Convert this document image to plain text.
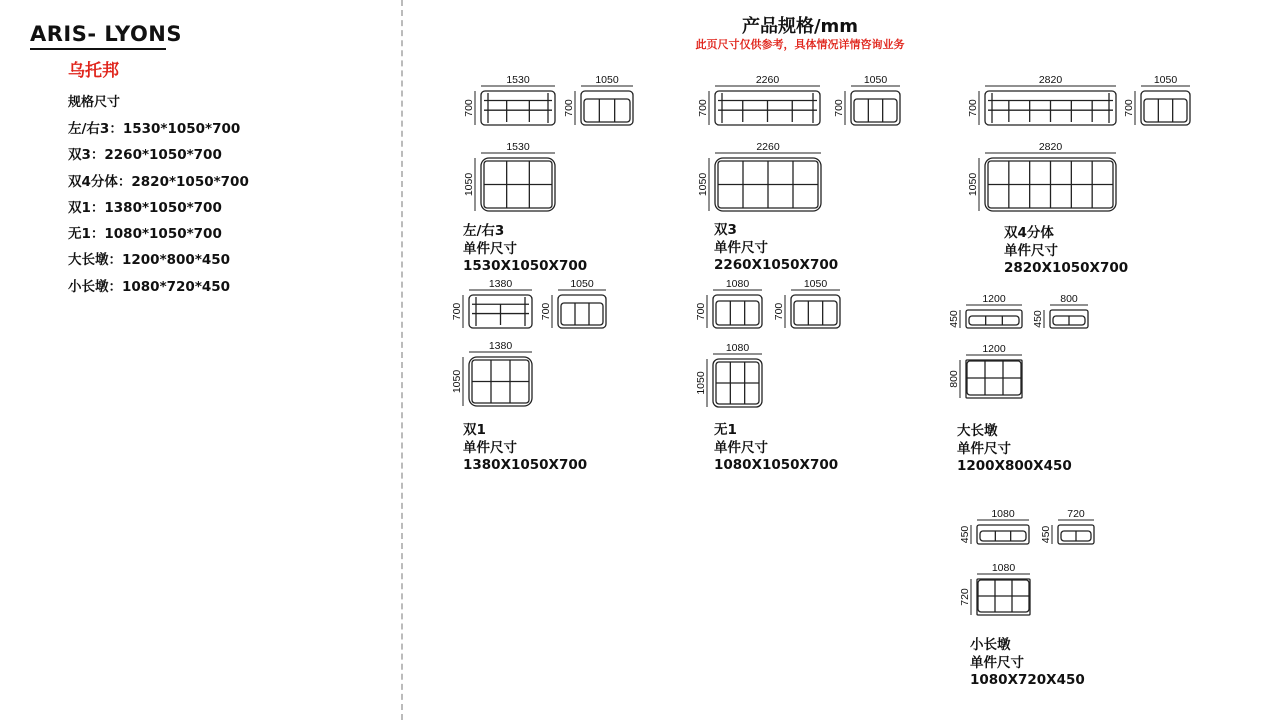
ARIS- LYONS
乌托邦
规格尺寸
左/右3：1530*1050*700
双3：2260*1050*700
双4分体：2820*1050*700
双1：1380*1050*700
无1：1080*1050*700
大长墩：1200*800*450
小长墩：1080*720*450
产品规格/mm
此页尺寸仅供参考，具体情况详情咨询业务
1530
700
1050
700
1530
1050
左/右3
单件尺寸
1530X1050X700
2260
700
1050
700
2260
1050
双3
单件尺寸
2260X1050X700
2820
700
1050
700
2820
1050
双4分体
单件尺寸
2820X1050X700
1380
700
1050
700
1380
1050
双1
单件尺寸
1380X1050X700
1080
700
1050
700
1080
1050
无1
单件尺寸
1080X1050X700
1200
450
800
450
1200
800
大长墩
单件尺寸
1200X800X450
1080
450
720
450
1080
720
小长墩
单件尺寸
1080X720X450
